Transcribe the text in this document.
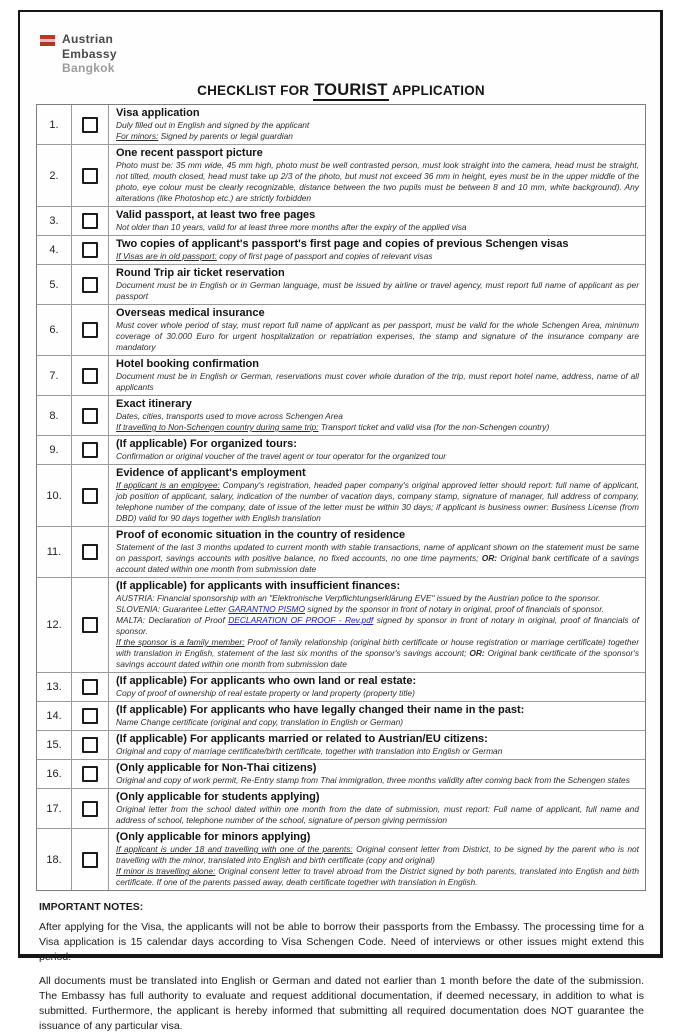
Austrian
Embassy
Bangkok
CHECKLIST FOR TOURIST APPLICATION
1.
Visa application
Duly filled out in English and signed by the applicant
For minors: Signed by parents or legal guardian
2.
One recent passport picture
Photo must be: 35 mm wide, 45 mm high, photo must be well contrasted person, must look straight into the camera, head must be straight, not tilted, mouth closed, head must take up 2/3 of the photo, but must not exceed 36 mm in height, eyes must be in the upper middle of the photo, eye colour must be clearly recognizable, distance between the two pupils must be between 8 and 10 mm, white background). Any alterations (like Photoshop etc.) are strictly forbidden
3.	Valid passport, at least two free pages
Not older than 10 years, valid for at least three more months after the expiry of the applied visa
4.	Two copies of applicant's passport's first page and copies of previous Schengen visas
If Visas are in old passport: copy of first page of passport and copies of relevant visas
5.
Round Trip air ticket reservation
Document must be in English or in German language, must be issued by airline or travel agency, must report full name of applicant as per passport
6.
Overseas medical insurance
Must cover whole period of stay, must report full name of applicant as per passport, must be valid for the whole Schengen Area, minimum coverage of 30.000 Euro for urgent hospitalization or repatriation expenses, the stamp and signature of the insurance company are mandatory
7.
Hotel booking confirmation
Document must be in English or German, reservations must cover whole duration of the trip, must report hotel name, address, name of all applicants
8.
Exact itinerary
Dates, cities, transports used to move across Schengen Area
If travelling to Non-Schengen country during same trip: Transport ticket and valid visa (for the non-Schengen country)
9.	(If applicable) For organized tours:
Confirmation or original voucher of the travel agent or tour operator for the organized tour
10.
Evidence of applicant's employment
If applicant is an employee: Company's registration, headed paper company's original approved letter should report: full name of applicant, job position of applicant, salary, indication of the number of vacation days, company stamp, signature of manager, full address of company, telephone number of the company, date of issue of the letter must be within 30 days; if applicant is business owner: Business License (from DBD) valid for 90 days together with English translation
11.
Proof of economic situation in the country of residence
Statement of the last 3 months updated to current month with stable transactions, name of applicant shown on the statement must be same on passport, savings accounts with positive balance, no fixed accounts, no one time payments; OR: Original bank certificate of a savings account dated within one month from submission date
12.
(If applicable) for applicants with insufficient finances:
AUSTRIA: Financial sponsorship with an "Elektronische Verpflichtungserklärung EVE" issued by the Austrian police to the sponsor.
SLOVENIA: Guarantee Letter GARANTNO PISMO signed by the sponsor in front of notary in original, proof of financials of sponsor.
MALTA: Declaration of Proof DECLARATION OF PROOF - Rev.pdf signed by sponsor in front of notary in original, proof of financials of sponsor.
If the sponsor is a family member: Proof of family relationship (original birth certificate or house registration or marriage certificate) together with translation in English, statement of the last six months of the sponsor's savings account; OR: Original bank certificate of the sponsor's savings account dated within one month from submission date
13.	(If applicable) For applicants who own land or real estate:
Copy of proof of ownership of real estate property or land property (property title)
14.	(If applicable) For applicants who have legally changed their name in the past:
Name Change certificate (original and copy, translation in English or German)
15.	(If applicable) For applicants married or related to Austrian/EU citizens:
Original and copy of marriage certificate/birth certificate, together with translation into English or German
16.	(Only applicable for Non-Thai citizens)
Original and copy of work permit, Re-Entry stamp from Thai immigration, three months validity after coming back from the Schengen states
17.
(Only applicable for students applying)
Original letter from the school dated within one month from the date of submission, must report: Full name of applicant, full name and address of school, telephone number of the school, signature of person giving permission
18.
(Only applicable for minors applying)
If applicant is under 18 and travelling with one of the parents: Original consent letter from District, to be signed by the parent who is not travelling with the minor, translated into English and birth certificate (copy and original)
If minor is travelling alone: Original consent letter to travel abroad from the District signed by both parents, translated into English and birth certificate. If one of the parents passed away, death certificate together with translation in English.
IMPORTANT NOTES:

After applying for the Visa, the applicants will not be able to borrow their passports from the Embassy. The processing time for a Visa application is 15 calendar days according to Visa Schengen Code. Need of interviews or other issues might extend this period.

All documents must be translated into English or German and dated not earlier than 1 month before the date of the submission. The Embassy has full authority to evaluate and request additional documentation, if deemed necessary, in addition to what is submitted. Furthermore, the applicant is hereby informed that submitting all required documentation does NOT guarantee the issuance of any particular visa.
